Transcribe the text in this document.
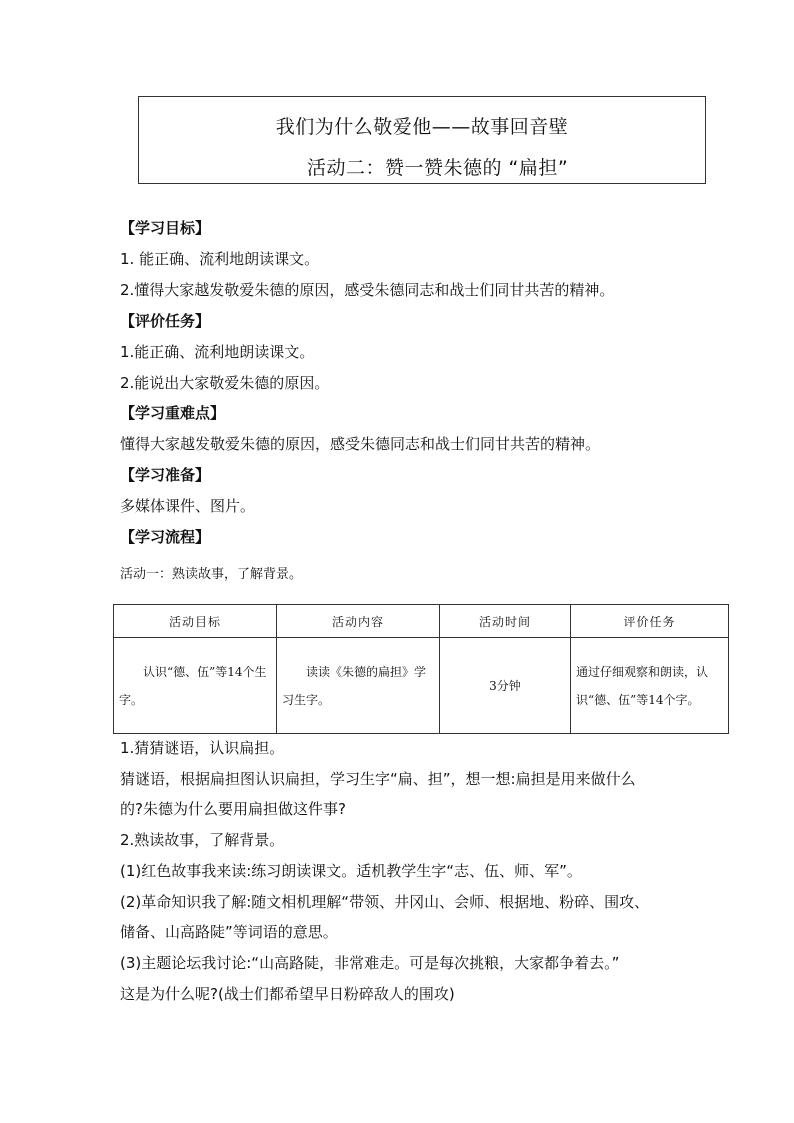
我们为什么敬爱他——故事回音壁
活动二：赞一赞朱德的 “扁担”
【学习目标】
1. 能正确、流利地朗读课文。
2.懂得大家越发敬爱朱德的原因，感受朱德同志和战士们同甘共苦的精神。
【评价任务】
1.能正确、流利地朗读课文。
2.能说出大家敬爱朱德的原因。
【学习重难点】
懂得大家越发敬爱朱德的原因，感受朱德同志和战士们同甘共苦的精神。
【学习准备】
多媒体课件、图片。
【学习流程】
活动一：熟读故事，了解背景。
活动目标	活动内容	活动时间	评价任务
认识“德、伍”等14个生字。	读读《朱德的扁担》学习生字。	3分钟	通过仔细观察和朗读，认识“德、伍”等14个字。
1.猜猜谜语，认识扁担。
猜谜语，根据扁担图认识扁担，学习生字“扁、担”，想一想:扁担是用来做什么
的?朱德为什么要用扁担做这件事?
2.熟读故事，了解背景。
(1)红色故事我来读:练习朗读课文。适机教学生字“志、伍、师、军”。
(2)革命知识我了解:随文相机理解“带领、井冈山、会师、根据地、粉碎、围攻、
储备、山高路陡”等词语的意思。
(3)主题论坛我讨论:“山高路陡，非常难走。可是每次挑粮，大家都争着去。”
这是为什么呢?(战士们都希望早日粉碎敌人的围攻)
